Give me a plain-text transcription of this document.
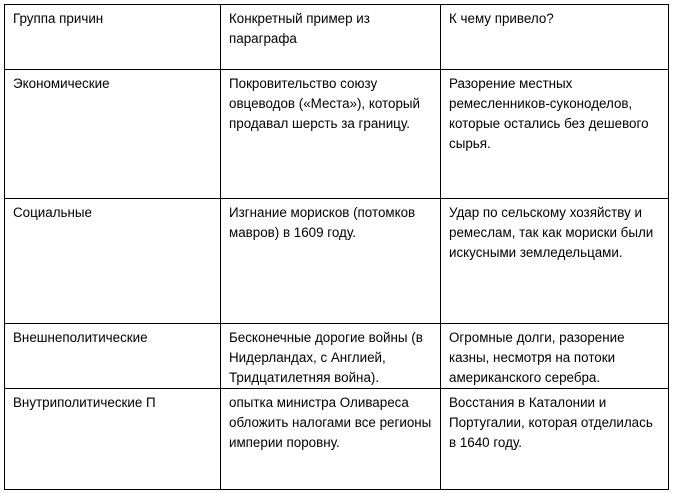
Группа причин	Конкретный пример из параграфа	К чему привело?
Экономические	Покровительство союзу овцеводов («Места»), который продавал шерсть за границу.	Разорение местных ремесленников-суконоделов, которые остались без дешевого сырья.
Социальные	Изгнание морисков (потомков мавров) в 1609 году.	Удар по сельскому хозяйству и ремеслам, так как мориски были искусными земледельцами.
Внешнеполитические	Бесконечные дорогие войны (в Нидерландах, с Англией, Тридцатилетняя война).	Огромные долги, разорение казны, несмотря на потоки американского серебра.
Внутриполитические П	опытка министра Оливареса обложить налогами все регионы империи поровну.	Восстания в Каталонии и Португалии, которая отделилась в 1640 году.
